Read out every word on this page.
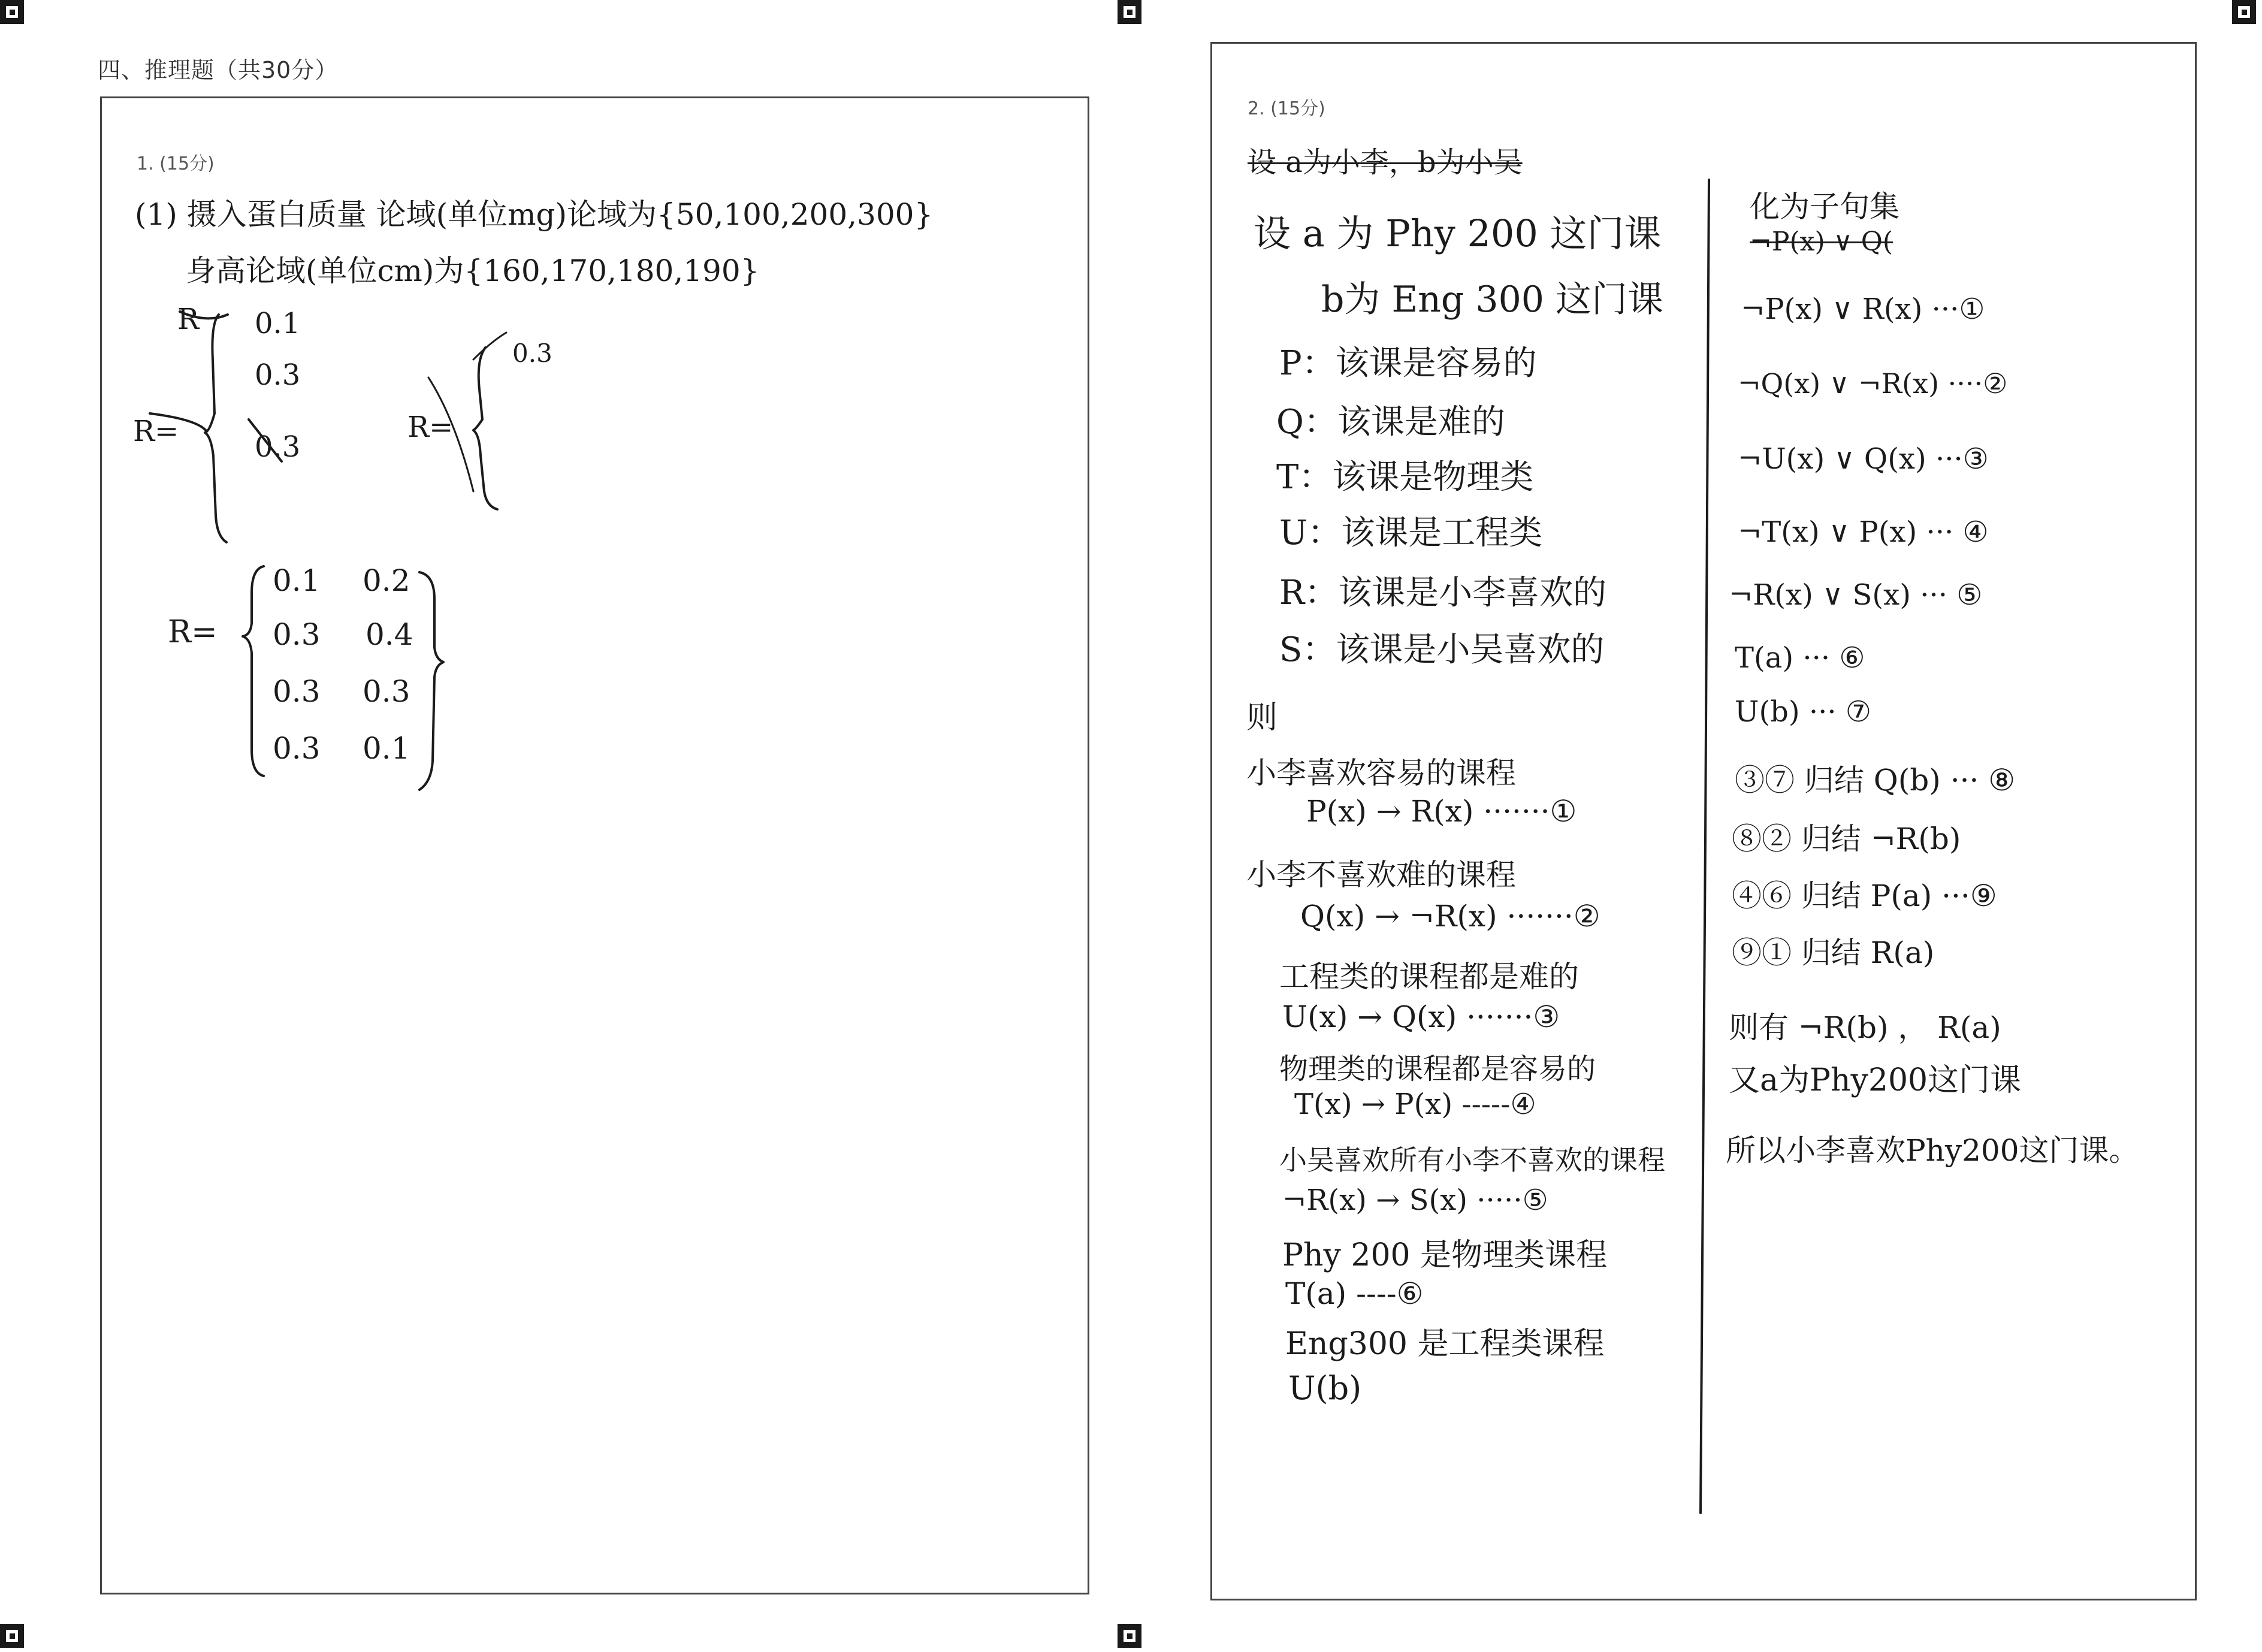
四、推理题（共30分）
1. (15分)
(1) 摄入蛋白质量 论域(单位mg)论域为{50,100,200,300}
身高论域(单位cm)为{160,170,180,190}
R 0.1
0.3
R=	0.3
R=
0.3
R=
0.1 0.2
0.3 0.4
0.3 0.3
0.3 0.1
2. (15分)
设 a为小李，b为小吴
设 a 为 Phy 200 这门课
b为 Eng 300 这门课
P：该课是容易的
Q：该课是难的
T：该课是物理类
U：该课是工程类
R：该课是小李喜欢的
S：该课是小吴喜欢的
则
小李喜欢容易的课程
P(x) → R(x) ·······①
小李不喜欢难的课程
Q(x) → ¬R(x) ·······②
工程类的课程都是难的
U(x) → Q(x) ·······③
物理类的课程都是容易的
T(x) → P(x) -----④
小吴喜欢所有小李不喜欢的课程
¬R(x) → S(x) ·····⑤
Phy 200 是物理类课程
T(a) ----⑥
Eng300 是工程类课程
U(b)
化为子句集
¬P(x) ∨ Q(
¬P(x) ∨ R(x) ···①
¬Q(x) ∨ ¬R(x) ····②
¬U(x) ∨ Q(x) ···③
¬T(x) ∨ P(x) ··· ④
¬R(x) ∨ S(x) ··· ⑤
T(a) ··· ⑥
U(b) ··· ⑦
③⑦ 归结 Q(b) ··· ⑧
⑧② 归结 ¬R(b)
④⑥ 归结 P(a) ···⑨
⑨① 归结 R(a)
则有 ¬R(b) ， R(a)
又a为Phy200这门课
所以小李喜欢Phy200这门课。
